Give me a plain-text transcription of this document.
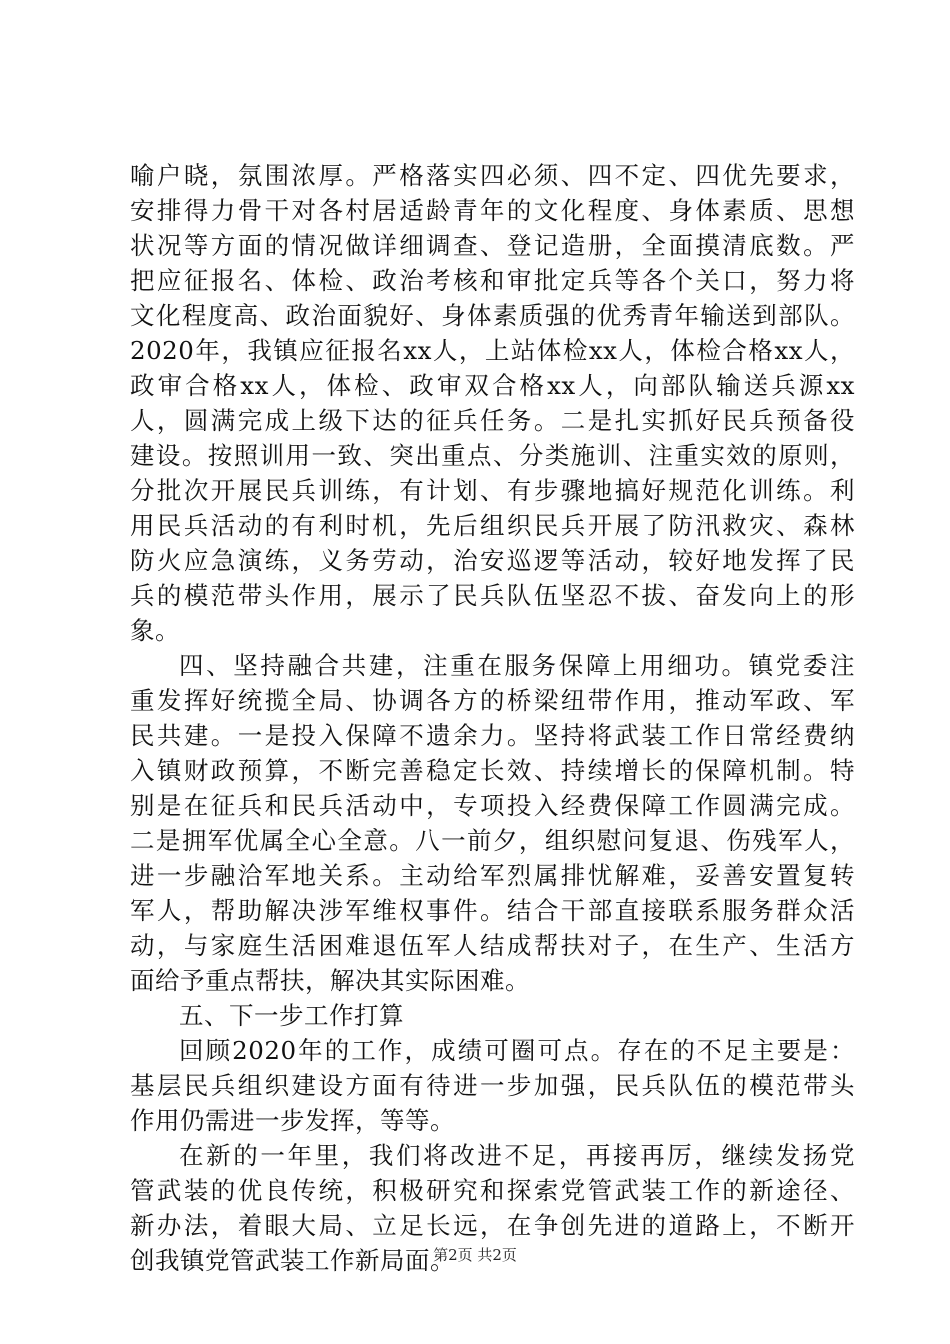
喻户晓，氛围浓厚。严格落实四必须、四不定、四优先要求，
安排得力骨干对各村居适龄青年的文化程度、身体素质、思想
状况等方面的情况做详细调查、登记造册，全面摸清底数。严
把应征报名、体检、政治考核和审批定兵等各个关口，努力将
文化程度高、政治面貌好、身体素质强的优秀青年输送到部队。
2020年，我镇应征报名xx人，上站体检xx人，体检合格xx人，
政审合格xx人，体检、政审双合格xx人，向部队输送兵源xx
人，圆满完成上级下达的征兵任务。二是扎实抓好民兵预备役
建设。按照训用一致、突出重点、分类施训、注重实效的原则，
分批次开展民兵训练，有计划、有步骤地搞好规范化训练。利
用民兵活动的有利时机，先后组织民兵开展了防汛救灾、森林
防火应急演练，义务劳动，治安巡逻等活动，较好地发挥了民
兵的模范带头作用，展示了民兵队伍坚忍不拔、奋发向上的形
象。
四、坚持融合共建，注重在服务保障上用细功。镇党委注
重发挥好统揽全局、协调各方的桥梁纽带作用，推动军政、军
民共建。一是投入保障不遗余力。坚持将武装工作日常经费纳
入镇财政预算，不断完善稳定长效、持续增长的保障机制。特
别是在征兵和民兵活动中，专项投入经费保障工作圆满完成。
二是拥军优属全心全意。八一前夕，组织慰问复退、伤残军人，
进一步融洽军地关系。主动给军烈属排忧解难，妥善安置复转
军人，帮助解决涉军维权事件。结合干部直接联系服务群众活
动，与家庭生活困难退伍军人结成帮扶对子，在生产、生活方
面给予重点帮扶，解决其实际困难。
五、下一步工作打算
回顾2020年的工作，成绩可圈可点。存在的不足主要是：
基层民兵组织建设方面有待进一步加强，民兵队伍的模范带头
作用仍需进一步发挥，等等。
在新的一年里，我们将改进不足，再接再厉，继续发扬党
管武装的优良传统，积极研究和探索党管武装工作的新途径、
新办法，着眼大局、立足长远，在争创先进的道路上，不断开
创我镇党管武装工作新局面。
第2页 共2页
